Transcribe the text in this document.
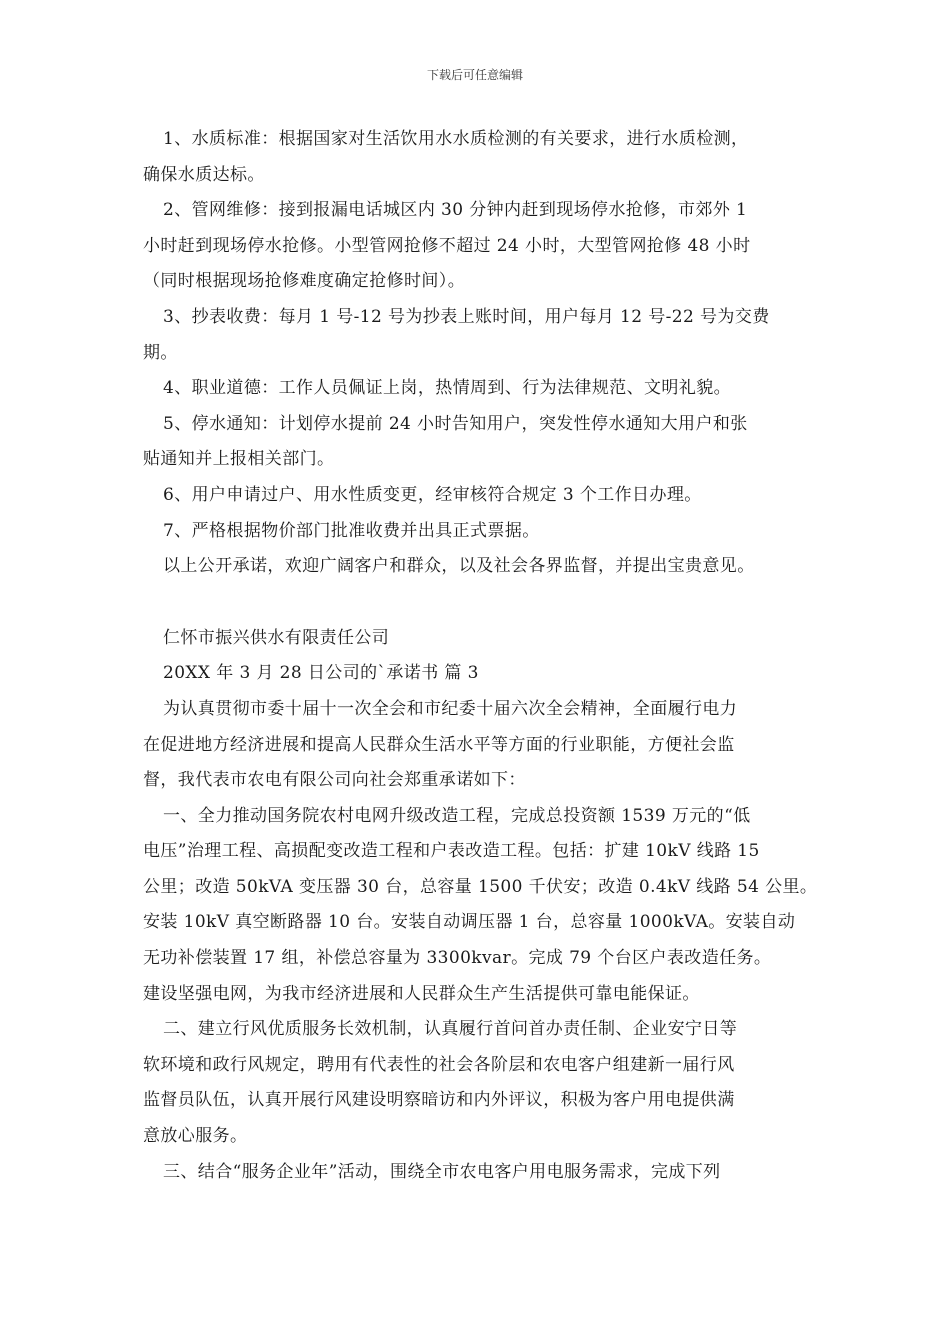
下载后可任意编辑

1、水质标准：根据国家对生活饮用水水质检测的有关要求，进行水质检测，

确保水质达标。

2、管网维修：接到报漏电话城区内 30 分钟内赶到现场停水抢修，市郊外 1

小时赶到现场停水抢修。小型管网抢修不超过 24 小时，大型管网抢修 48 小时

（同时根据现场抢修难度确定抢修时间）。

3、抄表收费：每月 1 号-12 号为抄表上账时间，用户每月 12 号-22 号为交费

期。

4、职业道德：工作人员佩证上岗，热情周到、行为法律规范、文明礼貌。

5、停水通知：计划停水提前 24 小时告知用户，突发性停水通知大用户和张

贴通知并上报相关部门。

6、用户申请过户、用水性质变更，经审核符合规定 3 个工作日办理。

7、严格根据物价部门批准收费并出具正式票据。

以上公开承诺，欢迎广阔客户和群众，以及社会各界监督，并提出宝贵意见。

仁怀市振兴供水有限责任公司

20XX 年 3 月 28 日公司的`承诺书 篇 3

为认真贯彻市委十届十一次全会和市纪委十届六次全会精神，全面履行电力

在促进地方经济进展和提高人民群众生活水平等方面的行业职能，方便社会监

督，我代表市农电有限公司向社会郑重承诺如下：

一、全力推动国务院农村电网升级改造工程，完成总投资额 1539 万元的“低

电压”治理工程、高损配变改造工程和户表改造工程。包括：扩建 10kV 线路 15

公里；改造 50kVA 变压器 30 台，总容量 1500 千伏安；改造 0.4kV 线路 54 公里。

安装 10kV 真空断路器 10 台。安装自动调压器 1 台，总容量 1000kVA。安装自动

无功补偿装置 17 组，补偿总容量为 3300kvar。完成 79 个台区户表改造任务。

建设坚强电网，为我市经济进展和人民群众生产生活提供可靠电能保证。

二、建立行风优质服务长效机制，认真履行首问首办责任制、企业安宁日等

软环境和政行风规定，聘用有代表性的社会各阶层和农电客户组建新一届行风

监督员队伍，认真开展行风建设明察暗访和内外评议，积极为客户用电提供满

意放心服务。

三、结合“服务企业年”活动，围绕全市农电客户用电服务需求，完成下列
